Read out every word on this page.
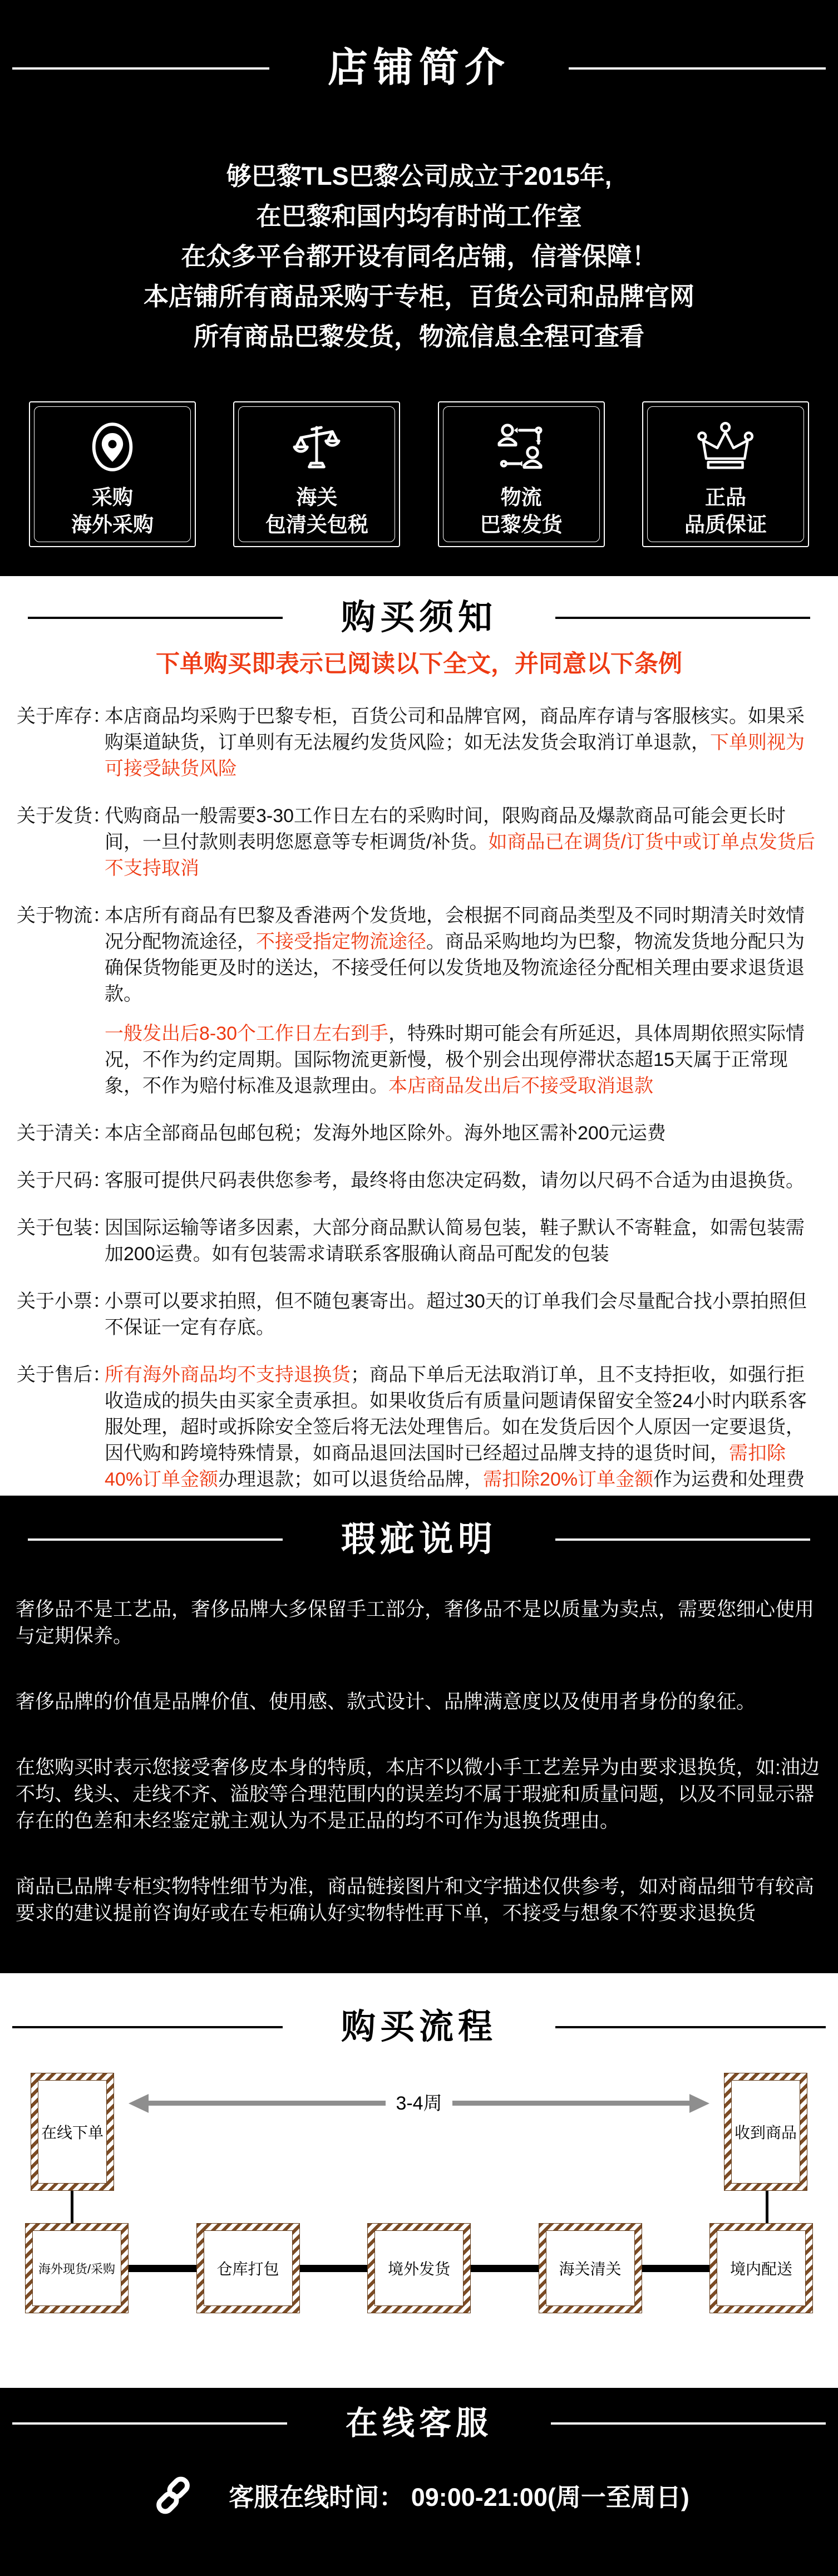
店铺简介
够巴黎TLS巴黎公司成立于2015年,
在巴黎和国内均有时尚工作室
在众多平台都开设有同名店铺，信誉保障！
本店铺所有商品采购于专柜，百货公司和品牌官网
所有商品巴黎发货，物流信息全程可查看
采购
海外采购
海关
包清关包税
物流
巴黎发货
正品
品质保证
购买须知
下单购买即表示已阅读以下全文，并同意以下条例
关于库存：
本店商品均采购于巴黎专柜，百货公司和品牌官网，商品库存请与客服核实。如果采购渠道缺货，订单则有无法履约发货风险；如无法发货会取消订单退款，下单则视为可接受缺货风险
关于发货：
代购商品一般需要3-30工作日左右的采购时间，限购商品及爆款商品可能会更长时间，一旦付款则表明您愿意等专柜调货/补货。如商品已在调货/订货中或订单点发货后不支持取消
关于物流：
本店所有商品有巴黎及香港两个发货地，会根据不同商品类型及不同时期清关时效情况分配物流途径，不接受指定物流途径。商品采购地均为巴黎，物流发货地分配只为确保货物能更及时的送达，不接受任何以发货地及物流途径分配相关理由要求退货退款。
一般发出后8-30个工作日左右到手，特殊时期可能会有所延迟，具体周期依照实际情况，不作为约定周期。国际物流更新慢，极个别会出现停滞状态超15天属于正常现象，不作为赔付标准及退款理由。本店商品发出后不接受取消退款
关于清关：
本店全部商品包邮包税；发海外地区除外。海外地区需补200元运费
关于尺码：
客服可提供尺码表供您参考，最终将由您决定码数，请勿以尺码不合适为由退换货。
关于包装：
因国际运输等诸多因素，大部分商品默认简易包装，鞋子默认不寄鞋盒，如需包装需加200运费。如有包装需求请联系客服确认商品可配发的包装
关于小票：
小票可以要求拍照，但不随包裹寄出。超过30天的订单我们会尽量配合找小票拍照但不保证一定有存底。
关于售后：
所有海外商品均不支持退换货；商品下单后无法取消订单，且不支持拒收，如强行拒收造成的损失由买家全责承担。如果收货后有质量问题请保留安全签24小时内联系客服处理，超时或拆除安全签后将无法处理售后。如在发货后因个人原因一定要退货，因代购和跨境特殊情景，如商品退回法国时已经超过品牌支持的退货时间，需扣除40%订单金额办理退款；如可以退货给品牌，需扣除20%订单金额作为运费和处理费
瑕疵说明

奢侈品不是工艺品，奢侈品牌大多保留手工部分，奢侈品不是以质量为卖点，需要您细心使用与定期保养。

奢侈品牌的价值是品牌价值、使用感、款式设计、品牌满意度以及使用者身份的象征。

在您购买时表示您接受奢侈皮本身的特质，本店不以微小手工艺差异为由要求退换货，如:油边不均、线头、走线不齐、溢胶等合理范围内的误差均不属于瑕疵和质量问题，以及不同显示器存在的色差和未经鉴定就主观认为不是正品的均不可作为退换货理由。

商品已品牌专柜实物特性细节为准，商品链接图片和文字描述仅供参考，如对商品细节有较高要求的建议提前咨询好或在专柜确认好实物特性再下单，不接受与想象不符要求退换货

购买流程
在线下单
3-4周
收到商品
海外现货/采购	仓库打包	境外发货	海关清关	境内配送
在线客服
客服在线时间： 09:00-21:00(周一至周日)
